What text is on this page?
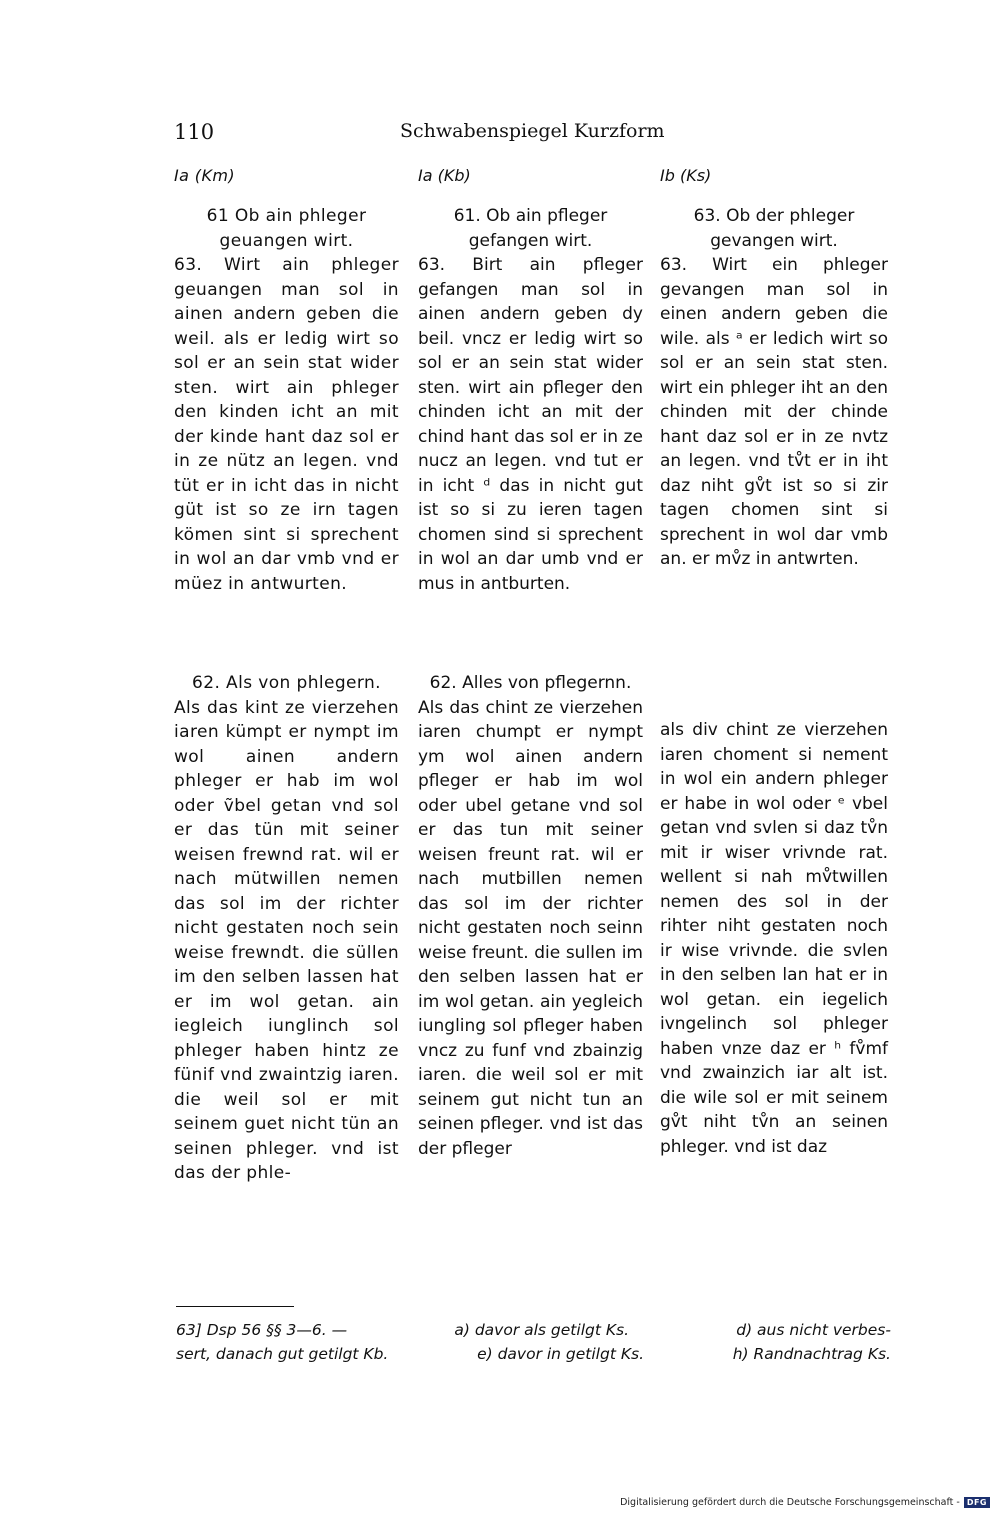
110	Schwabenspiegel Kurzform
Ia (Km)
61 Ob ain phleger geuangen wirt.
63. Wirt ain phleger geuangen man sol in ainen andern geben die weil. als er ledig wirt so sol er an sein stat wider sten. wirt ain phleger den kinden icht an mit der kinde hant daz sol er in ze nütz an legen. vnd tüt er in icht das in nicht güt ist so ze irn tagen kömen sint si sprechent in wol an dar vmb vnd er müez in antwurten.
62. Als von phlegern.
Als das kint ze vierzehen iaren kümpt er nympt im wol ainen andern phleger er hab im wol oder ṽbel getan vnd sol er das tün mit seiner weisen frewnd rat. wil er nach mütwillen nemen das sol im der richter nicht gestaten noch sein weise frewndt. die süllen im den selben lassen hat er im wol getan. ain iegleich iunglinch sol phleger haben hintz ze fünif vnd zwaintzig iaren. die weil sol er mit seinem guet nicht tün an seinen phleger. vnd ist das der phle-
Ia (Kb)
61. Ob ain pfleger gefangen wirt.
63. Birt ain pfleger gefangen man sol in ainen andern geben dy beil. vncz er ledig wirt so sol er an sein stat wider sten. wirt ain pfleger den chinden icht an mit der chind hant das sol er in ze nucz an legen. vnd tut er in icht ᵈ das in nicht gut ist so si zu ieren tagen chomen sind si sprechent in wol an dar umb vnd er mus in antburten.
62. Alles von pflegernn.
Als das chint ze vierzehen iaren chumpt er nympt ym wol ainen andern pfleger er hab im wol oder ubel getane vnd sol er das tun mit seiner weisen freunt rat. wil er nach mutbillen nemen das sol im der richter nicht gestaten noch seinn weise freunt. die sullen im den selben lassen hat er im wol getan. ain yegleich iungling sol pfleger haben vncz zu funf vnd zbainzig iaren. die weil sol er mit seinem gut nicht tun an seinen pfleger. vnd ist das der pfleger
Ib (Ks)
63. Ob der phleger gevangen wirt.
63. Wirt ein phleger gevangen man sol in einen andern geben die wile. als ᵃ er ledich wirt so sol er an sein stat sten. wirt ein phleger iht an den chinden mit der chinde hant daz sol er in ze nvtz an legen. vnd tv̊t er in iht daz niht gv̊t ist so si zir tagen chomen sint si sprechent in wol dar vmb an. er mv̊z in antwrten.
als div chint ze vierzehen iaren choment si nement in wol ein andern phleger er habe in wol oder ᵉ vbel getan vnd svlen si daz tv̊n mit ir wiser vrivnde rat. wellent si nah mv̊twillen nemen des sol in der rihter niht gestaten noch ir wise vrivnde. die svlen in den selben lan hat er in wol getan. ein iegelich ivngelinch sol phleger haben vnze daz er ʰ fv̊mf vnd zwainzich iar alt ist. die wile sol er mit seinem gv̊t niht tv̊n an seinen phleger. vnd ist daz
63] Dsp 56 §§ 3—6. —	a) davor als getilgt Ks.	d) aus nicht verbes-
sert, danach gut getilgt Kb.	e) davor in getilgt Ks.	h) Randnachtrag Ks.
Digitalisierung gefördert durch die Deutsche Forschungsgemeinschaft - DFG
